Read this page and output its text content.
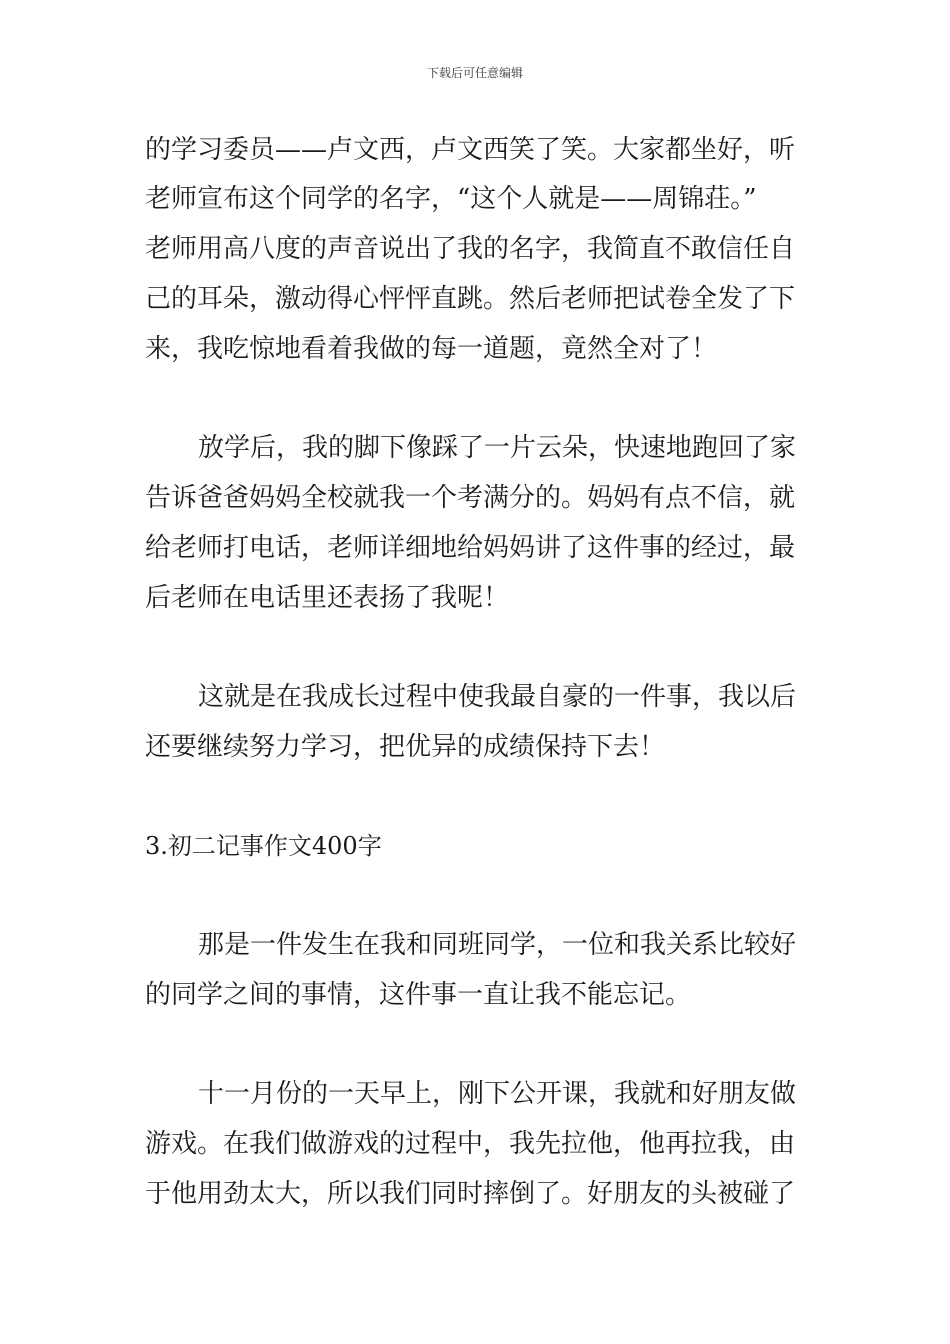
下载后可任意编辑
的学习委员——卢文西，卢文西笑了笑。大家都坐好，听
老师宣布这个同学的名字，“这个人就是——周锦荘。”
老师用高八度的声音说出了我的名字，我简直不敢信任自
己的耳朵，激动得心怦怦直跳。然后老师把试卷全发了下
来，我吃惊地看着我做的每一道题，竟然全对了！
放学后，我的脚下像踩了一片云朵，快速地跑回了家
告诉爸爸妈妈全校就我一个考满分的。妈妈有点不信，就
给老师打电话，老师详细地给妈妈讲了这件事的经过，最
后老师在电话里还表扬了我呢！
这就是在我成长过程中使我最自豪的一件事，我以后
还要继续努力学习，把优异的成绩保持下去！
3.初二记事作文400字
那是一件发生在我和同班同学，一位和我关系比较好
的同学之间的事情，这件事一直让我不能忘记。
十一月份的一天早上，刚下公开课，我就和好朋友做
游戏。在我们做游戏的过程中，我先拉他，他再拉我，由
于他用劲太大，所以我们同时摔倒了。好朋友的头被碰了
